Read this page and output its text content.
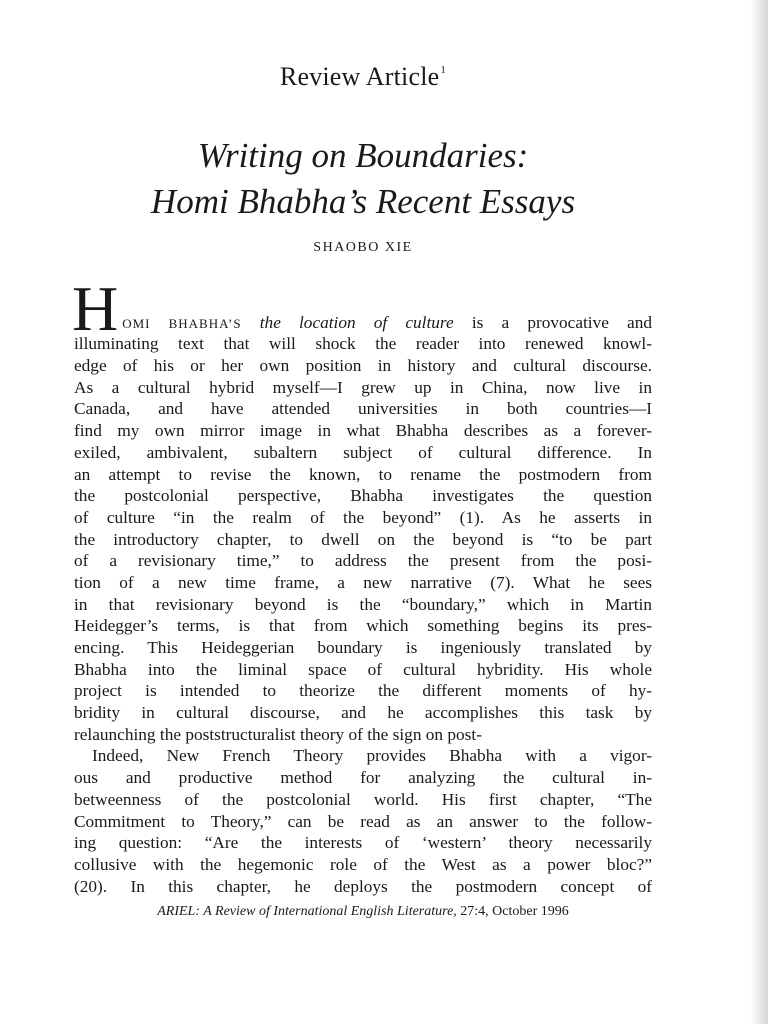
Review Article$^1$
Writing on Boundaries:
Homi Bhabha’s Recent Essays
SHAOBO XIE
H
OMI BHABHA’S the location of culture is a provocative and
illuminating text that will shock the reader into renewed knowl-
edge of his or her own position in history and cultural discourse.
As a cultural hybrid myself—I grew up in China, now live in
Canada, and have attended universities in both countries—I
find my own mirror image in what Bhabha describes as a forever-
exiled, ambivalent, subaltern subject of cultural difference. In
an attempt to revise the known, to rename the postmodern from
the postcolonial perspective, Bhabha investigates the question
of culture “in the realm of the beyond” (1). As he asserts in
the introductory chapter, to dwell on the beyond is “to be part
of a revisionary time,” to address the present from the posi-
tion of a new time frame, a new narrative (7). What he sees
in that revisionary beyond is the “boundary,” which in Martin
Heidegger’s terms, is that from which something begins its pres-
encing. This Heideggerian boundary is ingeniously translated by
Bhabha into the liminal space of cultural hybridity. His whole
project is intended to theorize the different moments of hy-
bridity in cultural discourse, and he accomplishes this task by
relaunching the poststructuralist theory of the sign on post-
Indeed, New French Theory provides Bhabha with a vigor-
ous and productive method for analyzing the cultural in-
betweenness of the postcolonial world. His first chapter, “The
Commitment to Theory,” can be read as an answer to the follow-
ing question: “Are the interests of ‘western’ theory necessarily
collusive with the hegemonic role of the West as a power bloc?”
(20). In this chapter, he deploys the postmodern concept of
ARIEL: A Review of International English Literature, 27:4, October 1996
